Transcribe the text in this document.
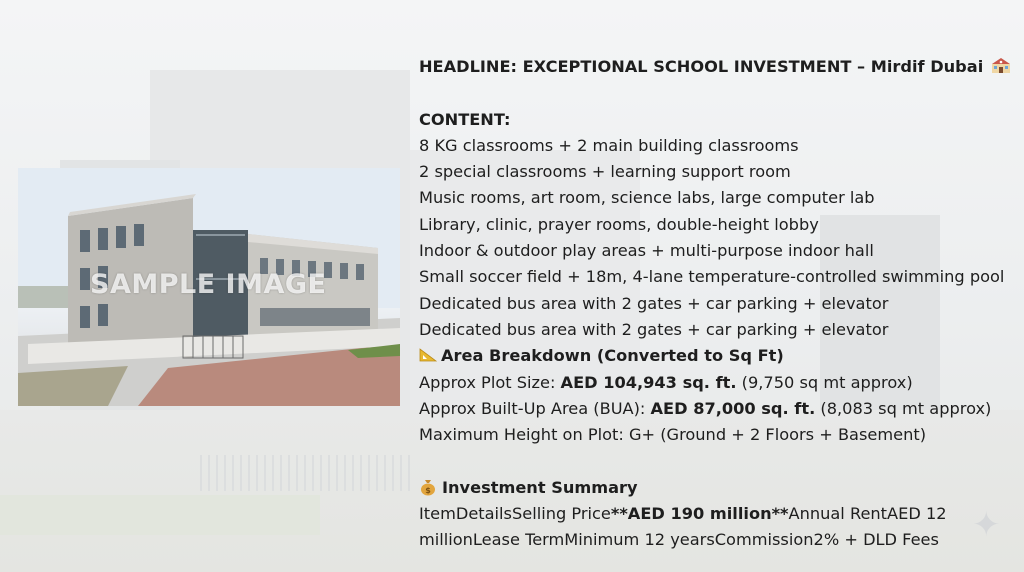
✦
SAMPLE IMAGE
HEADLINE: EXCEPTIONAL SCHOOL INVESTMENT – Mirdif Dubai
CONTENT:
8 KG classrooms + 2 main building classrooms
2 special classrooms + learning support room
Music rooms, art room, science labs, large computer lab
Library, clinic, prayer rooms, double-height lobby
Indoor & outdoor play areas + multi-purpose indoor hall
Small soccer field + 18m, 4-lane temperature-controlled swimming pool
Dedicated bus area with 2 gates + car parking + elevator
Dedicated bus area with 2 gates + car parking + elevator
Area Breakdown (Converted to Sq Ft)
Approx Plot Size: AED 104,943 sq. ft. (9,750 sq mt approx)
Approx Built-Up Area (BUA): AED 87,000 sq. ft. (8,083 sq mt approx)
Maximum Height on Plot: G+ (Ground + 2 Floors + Basement)
$ Investment Summary
ItemDetailsSelling Price**AED 190 million**Annual RentAED 12
millionLease TermMinimum 12 yearsCommission2% + DLD Fees
